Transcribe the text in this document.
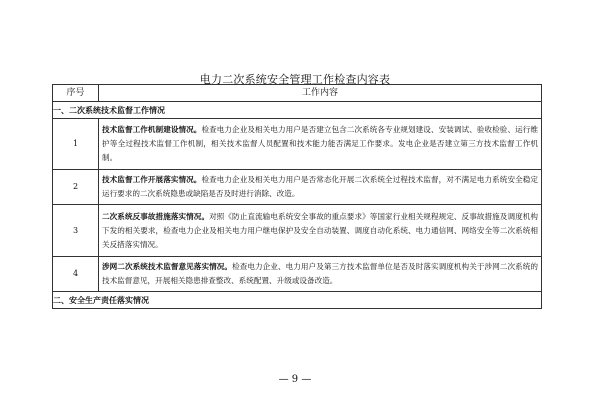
电力二次系统安全管理工作检查内容表
序号	工作内容
一、二次系统技术监督工作情况	
1	技术监督工作机制建设情况。检查电力企业及相关电力用户是否建立包含二次系统各专业规划建设、安装调试、验收检验、运行维护等全过程技术监督工作机制，相关技术监督人员配置和技术能力能否满足工作要求。发电企业是否建立第三方技术监督工作机制。
2	技术监督工作开展落实情况。检查电力企业及相关电力用户是否常态化开展二次系统全过程技术监督，对不满足电力系统安全稳定运行要求的二次系统隐患或缺陷是否及时进行消除、改造。
3	二次系统反事故措施落实情况。对照《防止直流输电系统安全事故的重点要求》等国家行业相关规程规定、反事故措施及调度机构下发的相关要求，检查电力企业及相关电力用户继电保护及安全自动装置、调度自动化系统、电力通信网、网络安全等二次系统相关反措落实情况。
4	涉网二次系统技术监督意见落实情况。检查电力企业、电力用户及第三方技术监督单位是否及时落实调度机构关于涉网二次系统的技术监督意见，开展相关隐患排查整改、系统配置、升级或设备改造。
二、安全生产责任落实情况	
— 9 —
